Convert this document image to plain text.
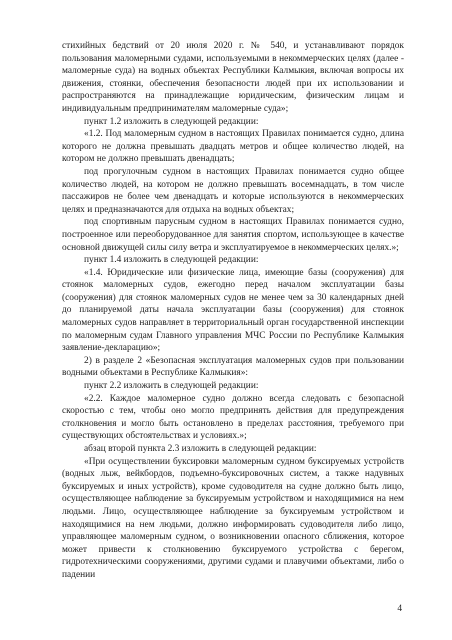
стихийных бедствий от 20 июля 2020 г. № 540, и устанавливают порядок пользования маломерными судами, используемыми в некоммерческих целях (далее - маломерные суда) на водных объектах Республики Калмыкия, включая вопросы их движения, стоянки, обеспечения безопасности людей при их использовании и распространяются на принадлежащие юридическим, физическим лицам и индивидуальным предпринимателям маломерные суда»;

пункт 1.2 изложить в следующей редакции:

«1.2. Под маломерным судном в настоящих Правилах понимается судно, длина которого не должна превышать двадцать метров и общее количество людей, на котором не должно превышать двенадцать;

под прогулочным судном в настоящих Правилах понимается судно общее количество людей, на котором не должно превышать восемнадцать, в том числе пассажиров не более чем двенадцать и которые используются в некоммерческих целях и предназначаются для отдыха на водных объектах;

под спортивным парусным судном в настоящих Правилах понимается судно, построенное или переоборудованное для занятия спортом, использующее в качестве основной движущей силы силу ветра и эксплуатируемое в некоммерческих целях.»;

пункт 1.4 изложить в следующей редакции:

«1.4. Юридические или физические лица, имеющие базы (сооружения) для стоянок маломерных судов, ежегодно перед началом эксплуатации базы (сооружения) для стоянок маломерных судов не менее чем за 30 календарных дней до планируемой даты начала эксплуатации базы (сооружения) для стоянок маломерных судов направляет в территориальный орган государственной инспекции по маломерным судам Главного управления МЧС России по Республике Калмыкия заявление-декларацию»;

2) в разделе 2 «Безопасная эксплуатация маломерных судов при пользовании водными объектами в Республике Калмыкия»:

пункт 2.2 изложить в следующей редакции:

«2.2. Каждое маломерное судно должно всегда следовать с безопасной скоростью с тем, чтобы оно могло предпринять действия для предупреждения столкновения и могло быть остановлено в пределах расстояния, требуемого при существующих обстоятельствах и условиях.»;

абзац второй пункта 2.3 изложить в следующей редакции:

«При осуществлении буксировки маломерным судном буксируемых устройств (водных лыж, вейкбордов, подъемно-буксировочных систем, а также надувных буксируемых и иных устройств), кроме судоводителя на судне должно быть лицо, осуществляющее наблюдение за буксируемым устройством и находящимися на нем людьми. Лицо, осуществляющее наблюдение за буксируемым устройством и находящимися на нем людьми, должно информировать судоводителя либо лицо, управляющее маломерным судном, о возникновении опасного сближения, которое может привести к столкновению буксируемого устройства с берегом, гидротехническими сооружениями, другими судами и плавучими объектами, либо о падении

4
